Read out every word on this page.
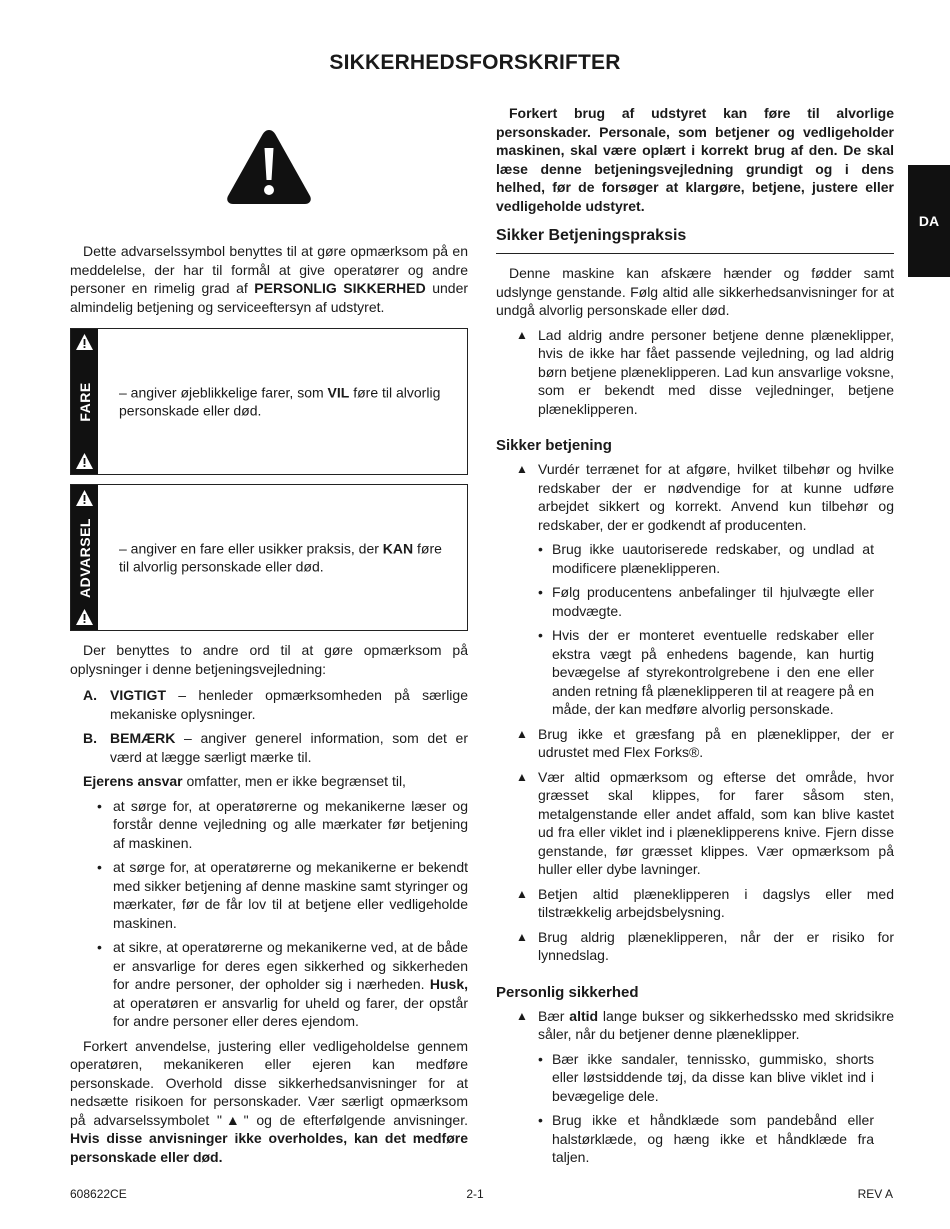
SIKKERHEDSFORSKRIFTER
DA

Dette advarselssymbol benyttes til at gøre opmærksom på en meddelelse, der har til formål at give operatører og andre personer en rimelig grad af PERSONLIG SIKKERHED under almindelig betjening og serviceeftersyn af udstyret.

FARE – angiver øjeblikkelige farer, som VIL føre til alvorlig personskade eller død.
ADVARSEL – angiver en fare eller usikker praksis, der KAN føre til alvorlig personskade eller død.

Der benyttes to andre ord til at gøre opmærksom på oplysninger i denne betjeningsvejledning:

A. VIGTIGT – henleder opmærksomheden på særlige mekaniske oplysninger.
B. BEMÆRK – angiver generel information, som det er værd at lægge særligt mærke til.

Ejerens ansvar omfatter, men er ikke begrænset til,

• at sørge for, at operatørerne og mekanikerne læser og forstår denne vejledning og alle mærkater før betjening af maskinen.
• at sørge for, at operatørerne og mekanikerne er bekendt med sikker betjening af denne maskine samt styringer og mærkater, før de får lov til at betjene eller vedligeholde maskinen.
• at sikre, at operatørerne og mekanikerne ved, at de både er ansvarlige for deres egen sikkerhed og sikkerheden for andre personer, der opholder sig i nærheden. Husk, at operatøren er ansvarlig for uheld og farer, der opstår for andre personer eller deres ejendom.

Forkert anvendelse, justering eller vedligeholdelse gennem operatøren, mekanikeren eller ejeren kan medføre personskade. Overhold disse sikkerhedsanvisninger for at nedsætte risikoen for personskader. Vær særligt opmærksom på advarselssymbolet "▲" og de efterfølgende anvisninger. Hvis disse anvisninger ikke overholdes, kan det medføre personskade eller død.

Forkert brug af udstyret kan føre til alvorlige personskader. Personale, som betjener og vedligeholder maskinen, skal være oplært i korrekt brug af den. De skal læse denne betjeningsvejledning grundigt og i dens helhed, før de forsøger at klargøre, betjene, justere eller vedligeholde udstyret.

Sikker Betjeningspraksis

Denne maskine kan afskære hænder og fødder samt udslynge genstande. Følg altid alle sikkerhedsanvisninger for at undgå alvorlig personskade eller død.

▲ Lad aldrig andre personer betjene denne plæneklipper, hvis de ikke har fået passende vejledning, og lad aldrig børn betjene plæneklipperen. Lad kun ansvarlige voksne, som er bekendt med disse vejledninger, betjene plæneklipperen.
Sikker betjening
▲ Vurdér terrænet for at afgøre, hvilket tilbehør og hvilke redskaber der er nødvendige for at kunne udføre arbejdet sikkert og korrekt. Anvend kun tilbehør og redskaber, der er godkendt af producenten.
• Brug ikke uautoriserede redskaber, og undlad at modificere plæneklipperen.
• Følg producentens anbefalinger til hjulvægte eller modvægte.
• Hvis der er monteret eventuelle redskaber eller ekstra vægt på enhedens bagende, kan hurtig bevægelse af styrekontrolgrebene i den ene eller anden retning få plæneklipperen til at reagere på en måde, der kan medføre alvorlig personskade.
▲ Brug ikke et græsfang på en plæneklipper, der er udrustet med Flex Forks®.
▲ Vær altid opmærksom og efterse det område, hvor græsset skal klippes, for farer såsom sten, metalgenstande eller andet affald, som kan blive kastet ud fra eller viklet ind i plæneklipperens knive. Fjern disse genstande, før græsset klippes. Vær opmærksom på huller eller dybe lavninger.
▲ Betjen altid plæneklipperen i dagslys eller med tilstrækkelig arbejdsbelysning.
▲ Brug aldrig plæneklipperen, når der er risiko for lynnedslag.
Personlig sikkerhed
▲ Bær altid lange bukser og sikkerhedssko med skridsikre såler, når du betjener denne plæneklipper.
• Bær ikke sandaler, tennissko, gummisko, shorts eller løstsiddende tøj, da disse kan blive viklet ind i bevægelige dele.
• Brug ikke et håndklæde som pandebånd eller halstørklæde, og hæng ikke et håndklæde fra taljen.
608622CE	2-1	REV A
